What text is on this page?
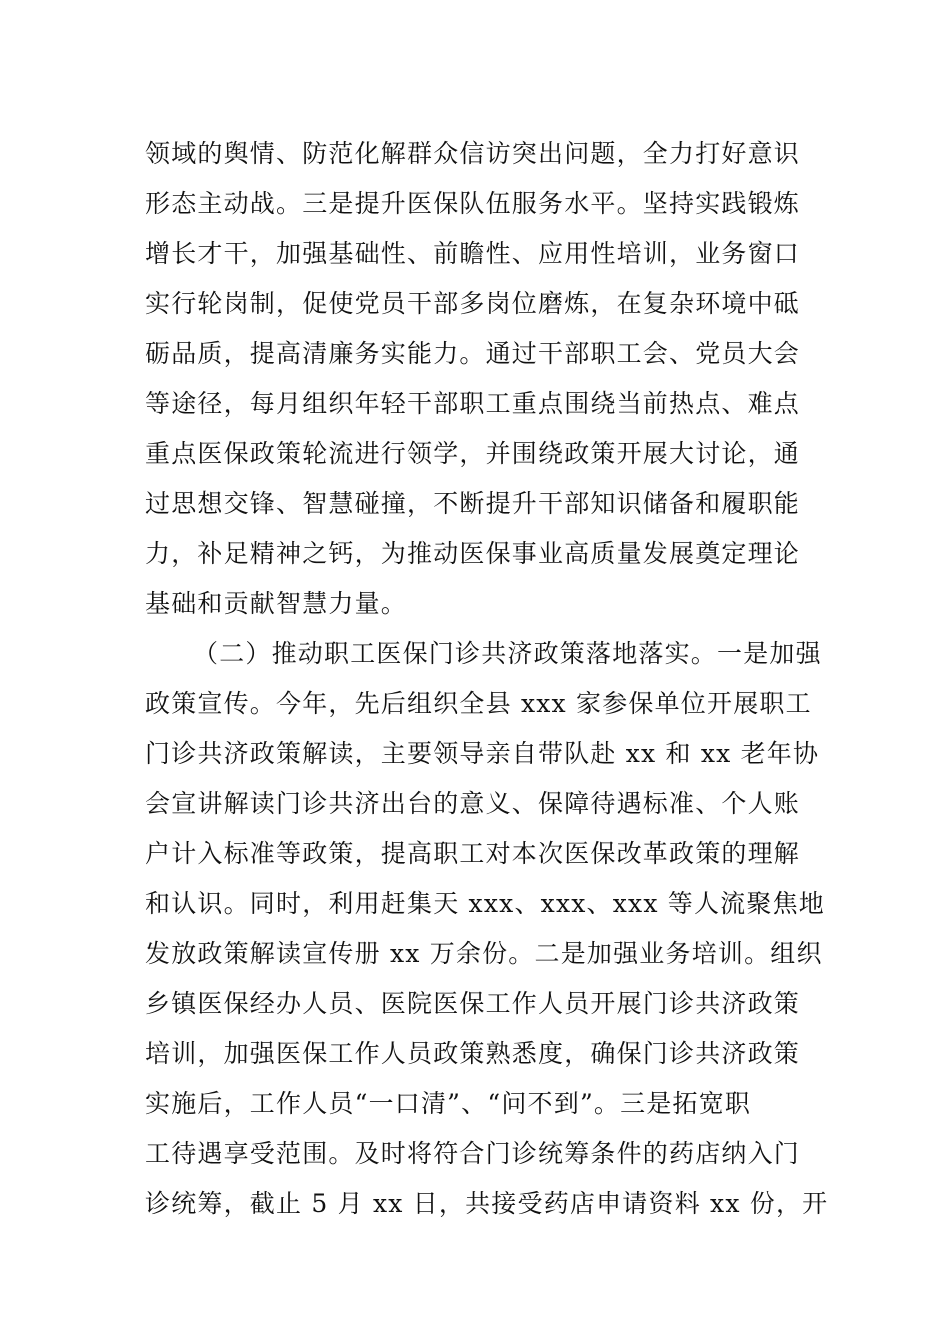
领域的舆情、防范化解群众信访突出问题，全力打好意识
形态主动战。三是提升医保队伍服务水平。坚持实践锻炼
增长才干，加强基础性、前瞻性、应用性培训，业务窗口
实行轮岗制，促使党员干部多岗位磨炼，在复杂环境中砥
砺品质，提高清廉务实能力。通过干部职工会、党员大会
等途径，每月组织年轻干部职工重点围绕当前热点、难点
重点医保政策轮流进行领学，并围绕政策开展大讨论，通
过思想交锋、智慧碰撞，不断提升干部知识储备和履职能
力，补足精神之钙，为推动医保事业高质量发展奠定理论
基础和贡献智慧力量。
（二）推动职工医保门诊共济政策落地落实。一是加强
政策宣传。今年，先后组织全县 xxx 家参保单位开展职工
门诊共济政策解读，主要领导亲自带队赴 xx 和 xx 老年协
会宣讲解读门诊共济出台的意义、保障待遇标准、个人账
户计入标准等政策，提高职工对本次医保改革政策的理解
和认识。同时，利用赶集天 xxx、xxx、xxx 等人流聚焦地
发放政策解读宣传册 xx 万余份。二是加强业务培训。组织
乡镇医保经办人员、医院医保工作人员开展门诊共济政策
培训，加强医保工作人员政策熟悉度，确保门诊共济政策
实施后，工作人员“一口清”、“问不到”。三是拓宽职
工待遇享受范围。及时将符合门诊统筹条件的药店纳入门
诊统筹，截止 5 月 xx 日，共接受药店申请资料 xx 份，开
